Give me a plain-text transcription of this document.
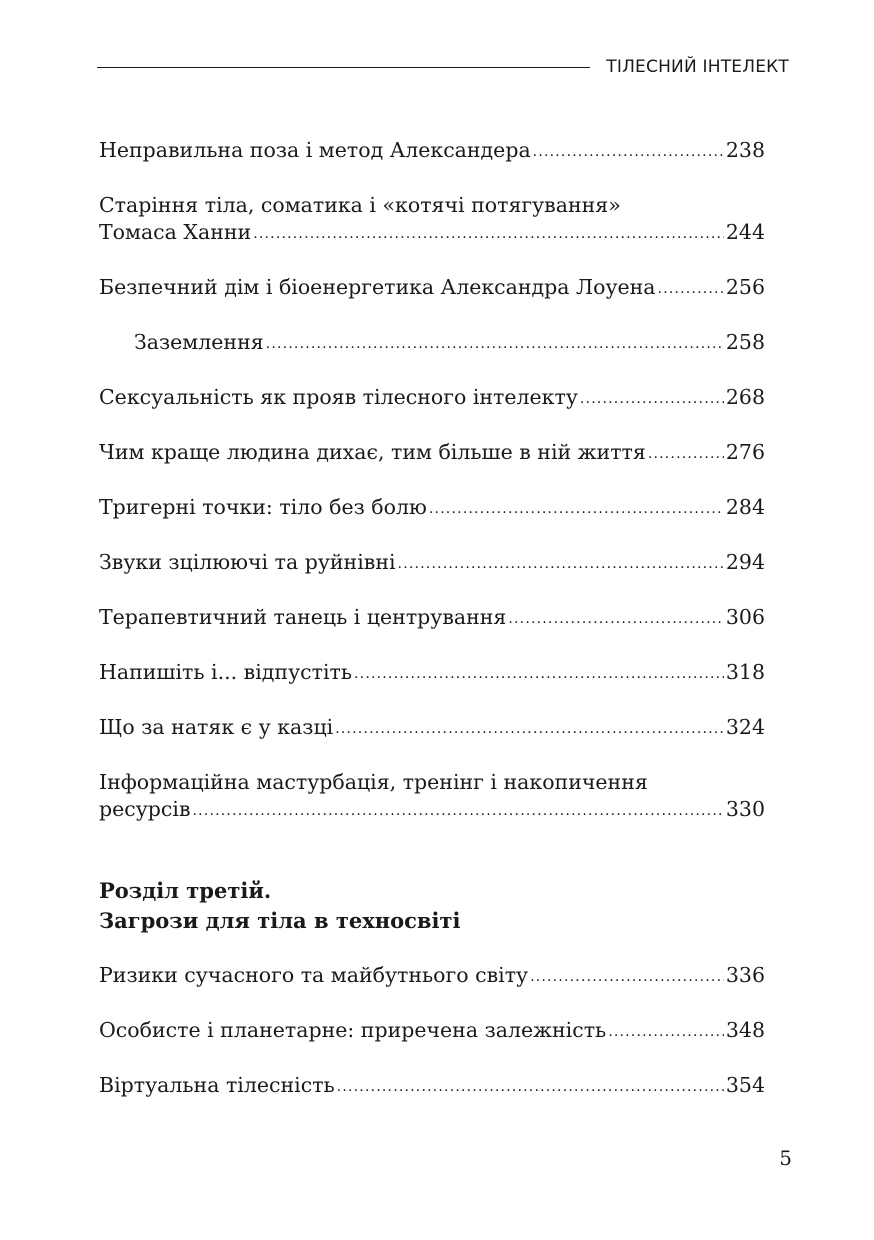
ТІЛЕСНИЙ ІНТЕЛЕКТ
Неправильна поза і метод Александера .....	238
Старіння тіла, соматика і «котячі потягування»
Томаса Ханни .....	244
Безпечний дім і біоенергетика Александра Лоуена .....	256
Заземлення .....	258
Сексуальність як прояв тілесного інтелекту .....	268
Чим краще людина дихає, тим більше в ній життя .....	276
Тригерні точки: тіло без болю .....	284
Звуки зцілюючі та руйнівні .....	294
Терапевтичний танець і центрування .....	306
Напишіть і... відпустіть .....	318
Що за натяк є у казці .....	324
Інформаційна мастурбація, тренінг і накопичення
ресурсів .....	330
Ризики сучасного та майбутнього світу .....	336
Особисте і планетарне: приречена залежність .....	348
Віртуальна тілесність .....	354
Розділ третій.
Загрози для тіла в техносвіті
5
